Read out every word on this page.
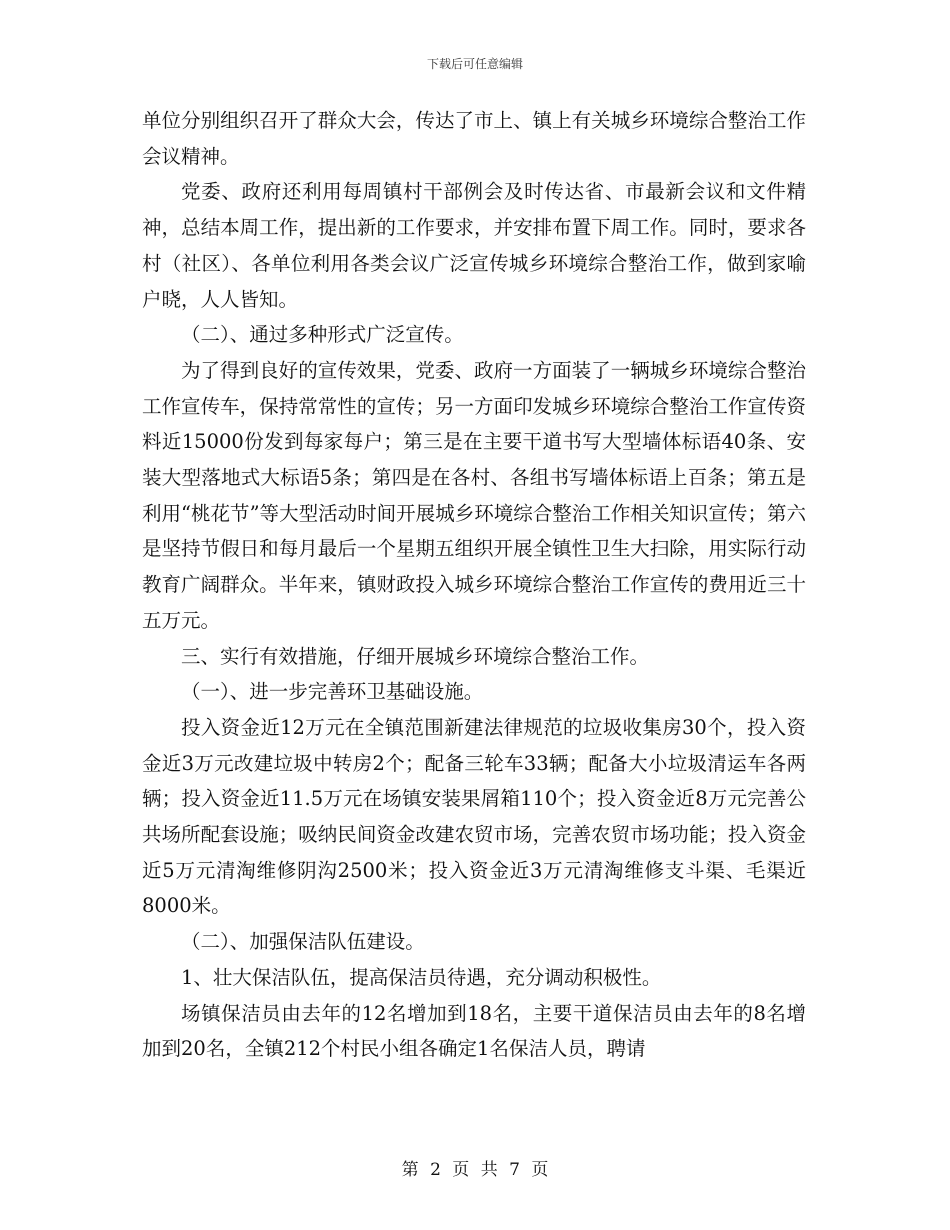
下载后可任意编辑

单位分别组织召开了群众大会，传达了市上、镇上有关城乡环境综合整治工作会议精神。

党委、政府还利用每周镇村干部例会及时传达省、市最新会议和文件精神，总结本周工作，提出新的工作要求，并安排布置下周工作。同时，要求各村（社区）、各单位利用各类会议广泛宣传城乡环境综合整治工作，做到家喻户晓，人人皆知。

（二）、通过多种形式广泛宣传。

为了得到良好的宣传效果，党委、政府一方面装了一辆城乡环境综合整治工作宣传车，保持常常性的宣传；另一方面印发城乡环境综合整治工作宣传资料近15000份发到每家每户；第三是在主要干道书写大型墙体标语40条、安装大型落地式大标语5条；第四是在各村、各组书写墙体标语上百条；第五是利用“桃花节”等大型活动时间开展城乡环境综合整治工作相关知识宣传；第六是坚持节假日和每月最后一个星期五组织开展全镇性卫生大扫除，用实际行动教育广阔群众。半年来，镇财政投入城乡环境综合整治工作宣传的费用近三十五万元。

三、实行有效措施，仔细开展城乡环境综合整治工作。

（一）、进一步完善环卫基础设施。

投入资金近12万元在全镇范围新建法律规范的垃圾收集房30个，投入资金近3万元改建垃圾中转房2个；配备三轮车33辆；配备大小垃圾清运车各两辆；投入资金近11.5万元在场镇安装果屑箱110个；投入资金近8万元完善公共场所配套设施；吸纳民间资金改建农贸市场，完善农贸市场功能；投入资金近5万元清淘维修阴沟2500米；投入资金近3万元清淘维修支斗渠、毛渠近8000米。

（二）、加强保洁队伍建设。

1、壮大保洁队伍，提高保洁员待遇，充分调动积极性。

场镇保洁员由去年的12名增加到18名，主要干道保洁员由去年的8名增加到20名，全镇212个村民小组各确定1名保洁人员，聘请

第 2 页 共 7 页
